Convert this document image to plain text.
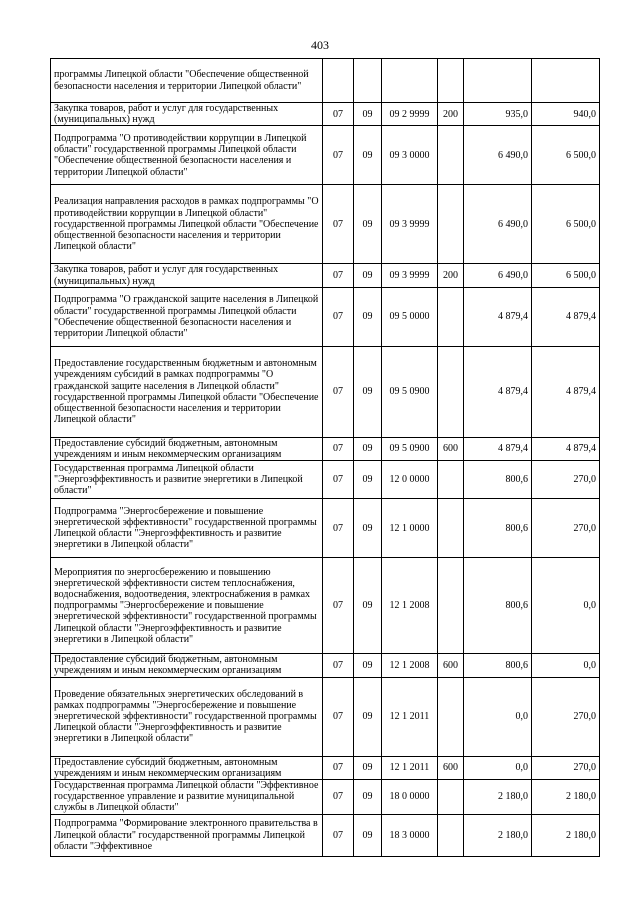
403
программы Липецкой области "Обеспечение общественной безопасности населения и территории Липецкой области"						
Закупка товаров, работ и услуг для государственных (муниципальных) нужд	07	09	09 2 9999	200	935,0	940,0
Подпрограмма "О противодействии коррупции в Липецкой области" государственной программы Липецкой области "Обеспечение общественной безопасности населения и территории Липецкой области"	07	09	09 3 0000		6 490,0	6 500,0
Реализация направления расходов в рамках подпрограммы "О противодействии коррупции в Липецкой области" государственной программы Липецкой области "Обеспечение общественной безопасности населения и территории Липецкой области"	07	09	09 3 9999		6 490,0	6 500,0
Закупка товаров, работ и услуг для государственных (муниципальных) нужд	07	09	09 3 9999	200	6 490,0	6 500,0
Подпрограмма "О гражданской защите населения в Липецкой области" государственной программы Липецкой области "Обеспечение общественной безопасности населения и территории Липецкой области"	07	09	09 5 0000		4 879,4	4 879,4
Предоставление государственным бюджетным и автономным учреждениям субсидий в рамках подпрограммы "О гражданской защите населения в Липецкой области" государственной программы Липецкой области "Обеспечение общественной безопасности населения и территории Липецкой области"	07	09	09 5 0900		4 879,4	4 879,4
Предоставление субсидий бюджетным, автономным учреждениям и иным некоммерческим организациям	07	09	09 5 0900	600	4 879,4	4 879,4
Государственная программа Липецкой области "Энергоэффективность и развитие энергетики в Липецкой области"	07	09	12 0 0000		800,6	270,0
Подпрограмма "Энергосбережение и повышение энергетической эффективности" государственной программы Липецкой области "Энергоэффективность и развитие энергетики в Липецкой области"	07	09	12 1 0000		800,6	270,0
Мероприятия по энергосбережению и повышению энергетической эффективности систем теплоснабжения, водоснабжения, водоотведения, электроснабжения в рамках подпрограммы "Энергосбережение и повышение энергетической эффективности" государственной программы Липецкой области "Энергоэффективность и развитие энергетики в Липецкой области"	07	09	12 1 2008		800,6	0,0
Предоставление субсидий бюджетным, автономным учреждениям и иным некоммерческим организациям	07	09	12 1 2008	600	800,6	0,0
Проведение обязательных энергетических обследований в рамках подпрограммы "Энергосбережение и повышение энергетической эффективности" государственной программы Липецкой области "Энергоэффективность и развитие энергетики в Липецкой области"	07	09	12 1 2011		0,0	270,0
Предоставление субсидий бюджетным, автономным учреждениям и иным некоммерческим организациям	07	09	12 1 2011	600	0,0	270,0
Государственная программа Липецкой области "Эффективное государственное управление и развитие муниципальной службы в Липецкой области"	07	09	18 0 0000		2 180,0	2 180,0
Подпрограмма "Формирование электронного правительства в Липецкой области" государственной программы Липецкой области "Эффективное	07	09	18 3 0000		2 180,0	2 180,0
